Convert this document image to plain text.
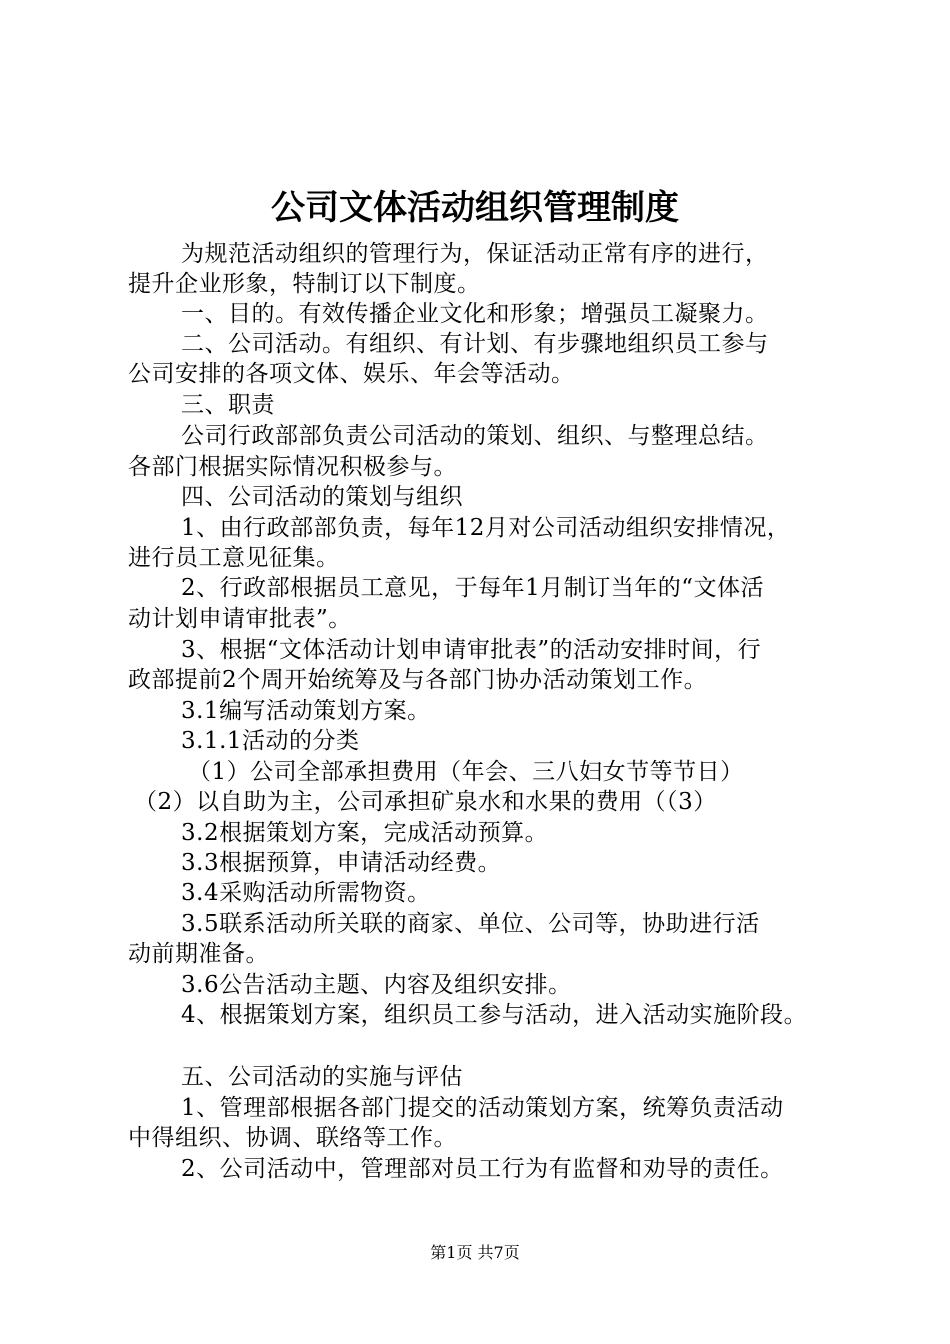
公司文体活动组织管理制度
为规范活动组织的管理行为，保证活动正常有序的进行，
提升企业形象，特制订以下制度。
一、目的。有效传播企业文化和形象；增强员工凝聚力。
二、公司活动。有组织、有计划、有步骤地组织员工参与
公司安排的各项文体、娱乐、年会等活动。
三、职责
公司行政部部负责公司活动的策划、组织、与整理总结。
各部门根据实际情况积极参与。
四、公司活动的策划与组织
1、由行政部部负责，每年12月对公司活动组织安排情况，
进行员工意见征集。
2、行政部根据员工意见，于每年1月制订当年的“文体活
动计划申请审批表”。
3、根据“文体活动计划申请审批表”的活动安排时间，行
政部提前2个周开始统筹及与各部门协办活动策划工作。
3.1编写活动策划方案。
3.1.1活动的分类
（1）公司全部承担费用（年会、三八妇女节等节日）
（2）以自助为主，公司承担矿泉水和水果的费用（（3）
3.2根据策划方案，完成活动预算。
3.3根据预算，申请活动经费。
3.4采购活动所需物资。
3.5联系活动所关联的商家、单位、公司等，协助进行活
动前期准备。
3.6公告活动主题、内容及组织安排。
4、根据策划方案，组织员工参与活动，进入活动实施阶段。
五、公司活动的实施与评估
1、管理部根据各部门提交的活动策划方案，统筹负责活动
中得组织、协调、联络等工作。
2、公司活动中，管理部对员工行为有监督和劝导的责任。
第1页 共7页
